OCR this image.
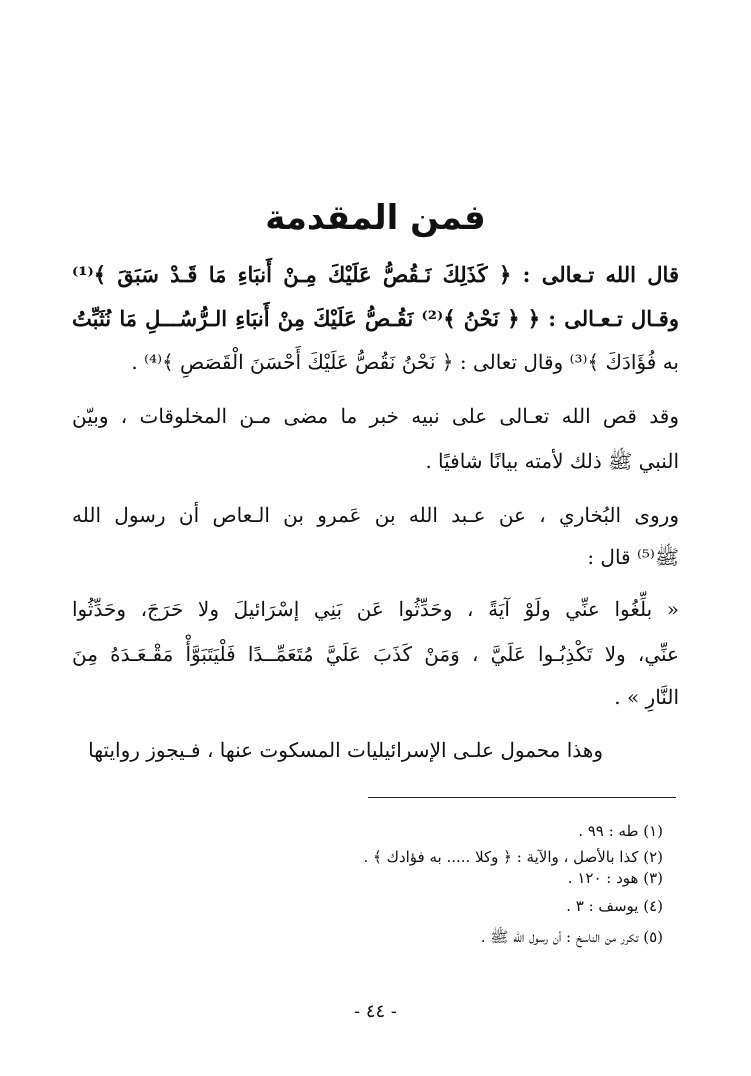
فمن المقدمة
قال الله تـعالى : ﴿ كَذَلِكَ نَـقُصُّ عَلَيْكَ مِـنْ أَنبَاءِ مَا قَـدْ سَبَقَ ﴾⁽¹⁾
وقـال تـعـالى : ﴿ ﴿ نَحْنُ ﴾⁽²⁾ نَقُـصُّ عَلَيْكَ مِنْ أَنبَاءِ الـرُّسُـــلِ مَا نُثَبِّتُ
به فُؤَادَكَ ﴾⁽³⁾ وقال تعالى : ﴿ نَحْنُ نَقُصُّ عَلَيْكَ أَحْسَنَ الْقَصَصِ ﴾⁽⁴⁾ .
وقد قص الله تعـالى على نبيه خبر ما مضى مـن المخلوقات ، وبيّن
النبي ﷺ ذلك لأمته بيانًا شافيًا .
وروى البُخاري ، عن عـبد الله بن عَمرو بن الـعاص أن رسول الله
ﷺ⁽⁵⁾ قال :
« بلِّغُوا عنِّي ولَوْ آيَةً ، وحَدِّثُوا عَن بَنِي إسْرَائيلَ ولا حَرَجَ، وحَدِّثُوا
عنِّي، ولا تَكْذِبُـوا عَلَيَّ ، وَمَنْ كَذَبَ عَلَيَّ مُتَعَمِّــدًا فَلْيَتَبَوَّأْ مَقْـعَـدَهُ مِنَ
النَّارِ » .
وهذا محمول علـى الإسرائيليات المسكوت عنها ، فـيجوز روايتها
(١) طه : ٩٩ .
(٢) كذا بالأصل ، والآية : ﴿ وكلا ..... به فؤادك ﴾ .
(٣) هود : ١٢٠ .
(٤) يوسف : ٣ .
(٥) تكرر من الناسخ : أن رسول الله ﷺ .
- ٤٤ -
